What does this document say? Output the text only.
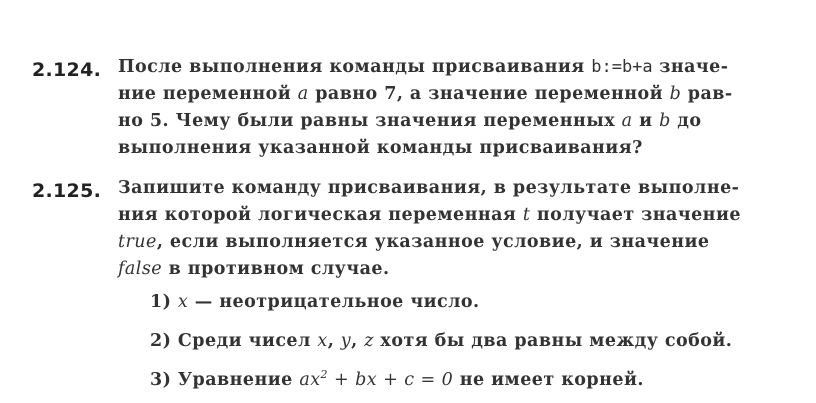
2.124. После выполнения команды присваивания b:=b+a значе-
ние переменной a равно 7, а значение переменной b рав-
но 5. Чему были равны значения переменных a и b до
выполнения указанной команды присваивания?
2.125. Запишите команду присваивания, в результате выполне-
ния которой логическая переменная t получает значение
true, если выполняется указанное условие, и значение
false в противном случае.
1) x — неотрицательное число.
2) Среди чисел x, y, z хотя бы два равны между собой.
3) Уравнение $ax^2$ + bx + c = 0 не имеет корней.
